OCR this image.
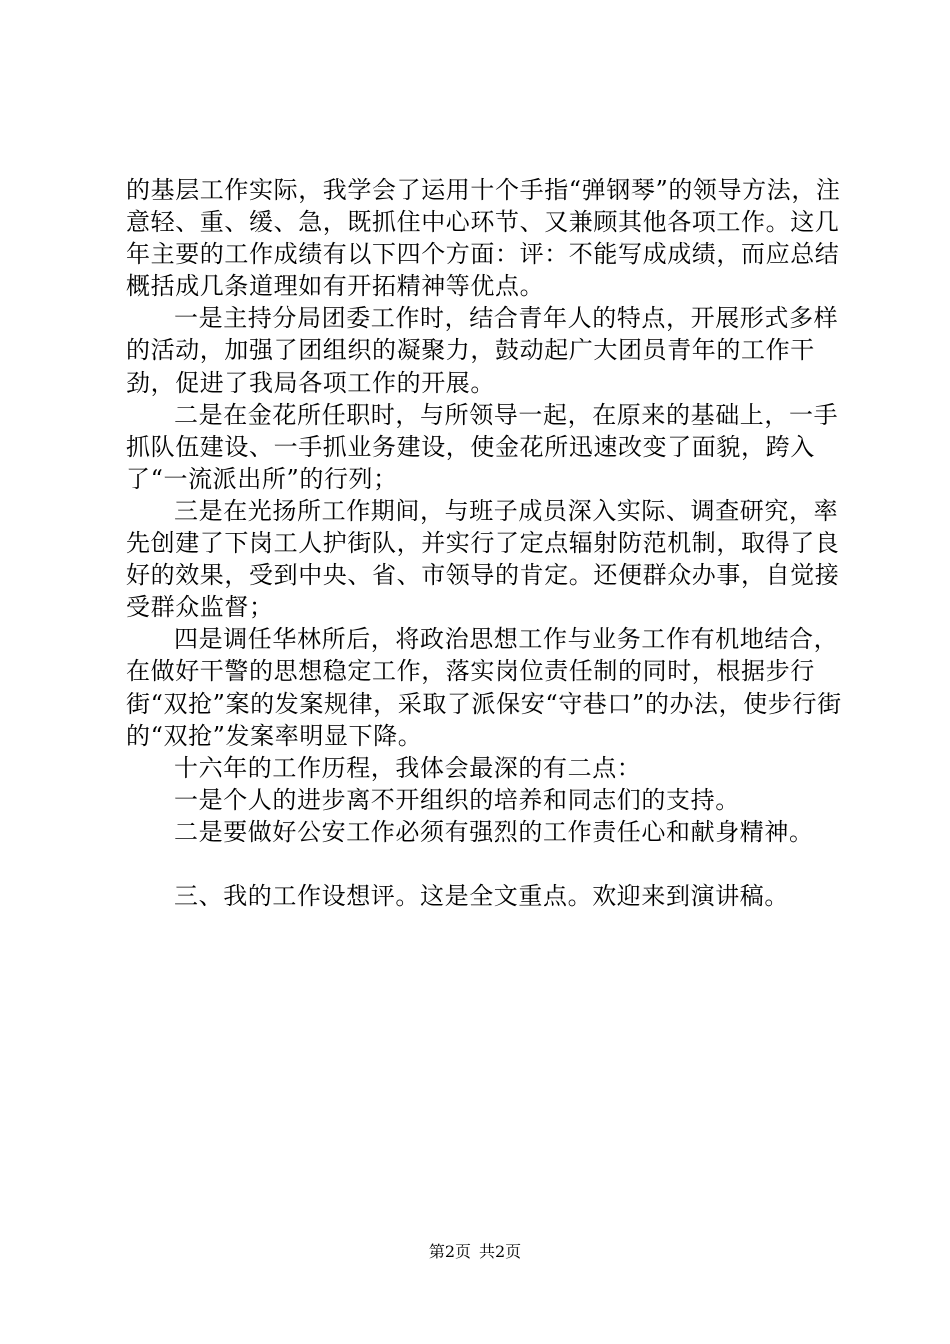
的基层工作实际，我学会了运用十个手指“弹钢琴”的领导方法，注意轻、重、缓、急，既抓住中心环节、又兼顾其他各项工作。这几年主要的工作成绩有以下四个方面：评：不能写成成绩，而应总结概括成几条道理如有开拓精神等优点。

一是主持分局团委工作时，结合青年人的特点，开展形式多样的活动，加强了团组织的凝聚力，鼓动起广大团员青年的工作干劲，促进了我局各项工作的开展。

二是在金花所任职时，与所领导一起，在原来的基础上，一手抓队伍建设、一手抓业务建设，使金花所迅速改变了面貌，跨入了“一流派出所”的行列；

三是在光扬所工作期间，与班子成员深入实际、调查研究，率先创建了下岗工人护街队，并实行了定点辐射防范机制，取得了良好的效果，受到中央、省、市领导的肯定。还便群众办事，自觉接受群众监督；

四是调任华林所后，将政治思想工作与业务工作有机地结合，在做好干警的思想稳定工作，落实岗位责任制的同时，根据步行街“双抢”案的发案规律，采取了派保安“守巷口”的办法，使步行街的“双抢”发案率明显下降。

十六年的工作历程，我体会最深的有二点：

一是个人的进步离不开组织的培养和同志们的支持。

二是要做好公安工作必须有强烈的工作责任心和献身精神。

三、我的工作设想评。这是全文重点。欢迎来到演讲稿。

第2页 共2页
